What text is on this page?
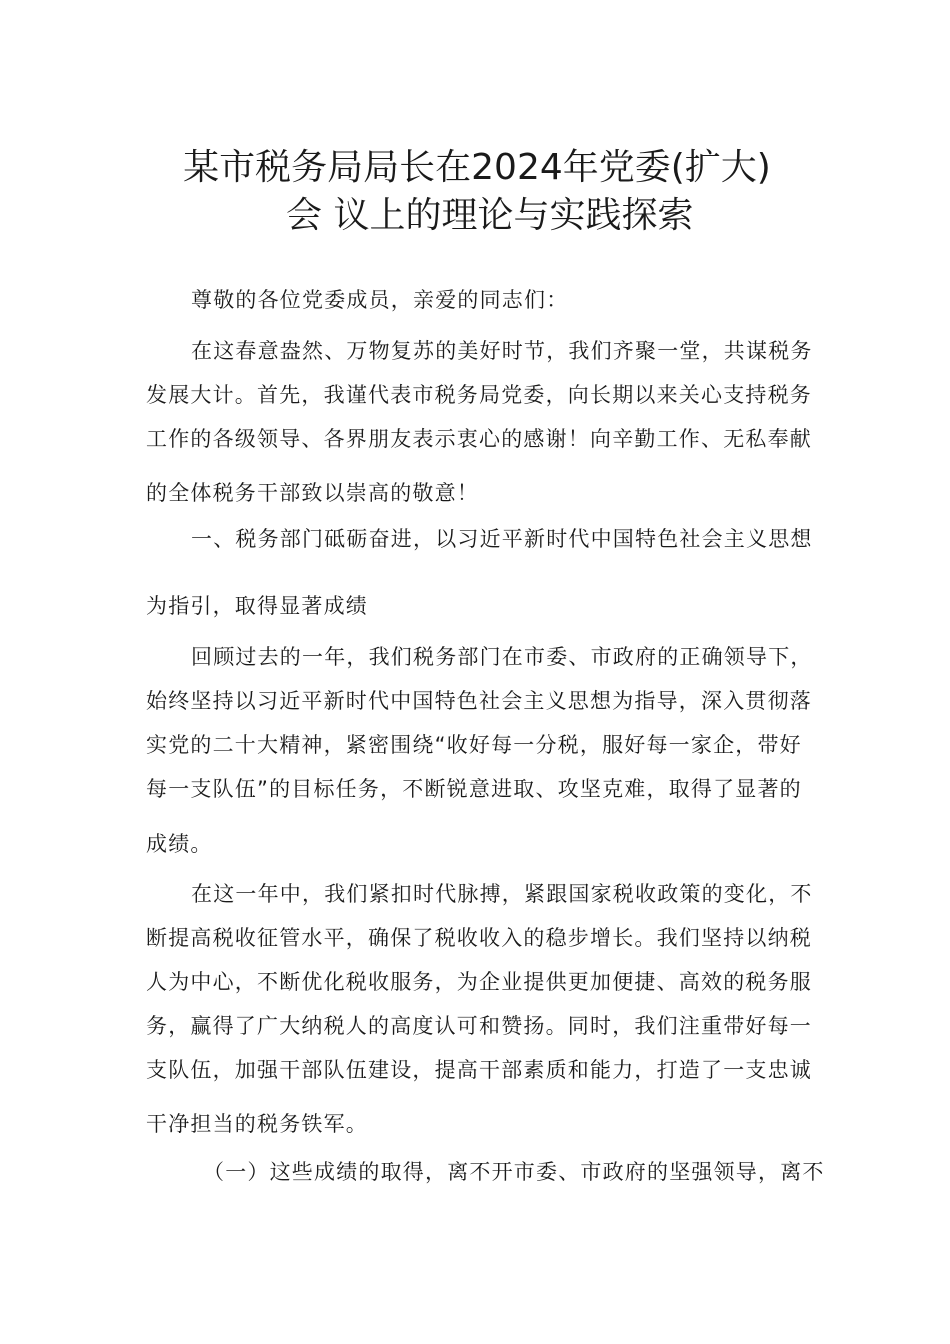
某市税务局局长在2024年党委(扩大)
会 议上的理论与实践探索
尊敬的各位党委成员，亲爱的同志们：
在这春意盎然、万物复苏的美好时节，我们齐聚一堂，共谋税务
发展大计。首先，我谨代表市税务局党委，向长期以来关心支持税务
工作的各级领导、各界朋友表示衷心的感谢！向辛勤工作、无私奉献
的全体税务干部致以崇高的敬意！
一、税务部门砥砺奋进，以习近平新时代中国特色社会主义思想
为指引，取得显著成绩
回顾过去的一年，我们税务部门在市委、市政府的正确领导下，
始终坚持以习近平新时代中国特色社会主义思想为指导，深入贯彻落
实党的二十大精神，紧密围绕“收好每一分税，服好每一家企，带好
每一支队伍”的目标任务，不断锐意进取、攻坚克难，取得了显著的
成绩。
在这一年中，我们紧扣时代脉搏，紧跟国家税收政策的变化，不
断提高税收征管水平，确保了税收收入的稳步增长。我们坚持以纳税
人为中心，不断优化税收服务，为企业提供更加便捷、高效的税务服
务，赢得了广大纳税人的高度认可和赞扬。同时，我们注重带好每一
支队伍，加强干部队伍建设，提高干部素质和能力，打造了一支忠诚
干净担当的税务铁军。
（一）这些成绩的取得，离不开市委、市政府的坚强领导，离不
